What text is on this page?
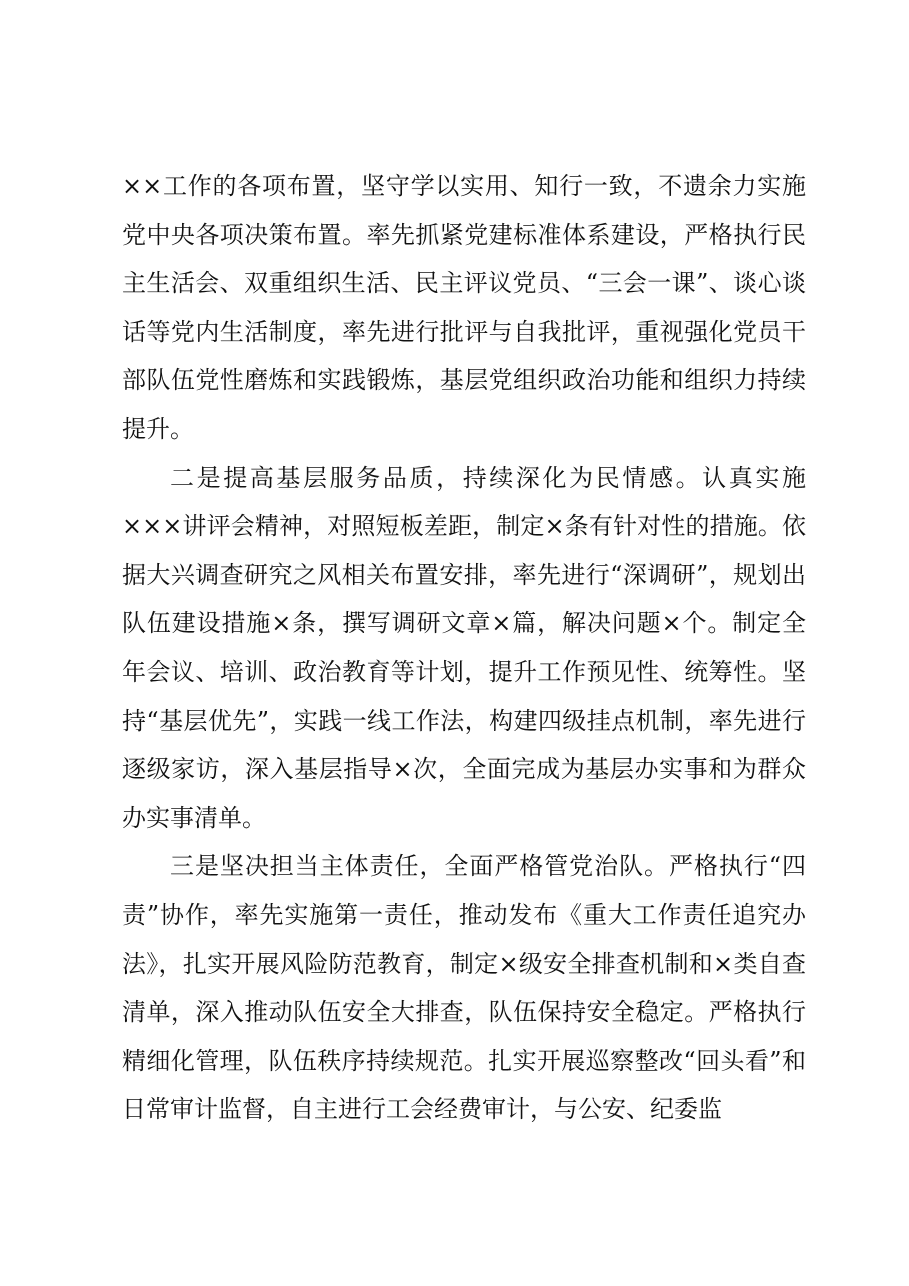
××工作的各项布置，坚守学以实用、知行一致，不遗余力实施党中央各项决策布置。率先抓紧党建标准体系建设，严格执行民主生活会、双重组织生活、民主评议党员、“三会一课”、谈心谈话等党内生活制度，率先进行批评与自我批评，重视强化党员干部队伍党性磨炼和实践锻炼，基层党组织政治功能和组织力持续提升。

二是提高基层服务品质，持续深化为民情感。认真实施×××讲评会精神，对照短板差距，制定×条有针对性的措施。依据大兴调查研究之风相关布置安排，率先进行“深调研”，规划出队伍建设措施×条，撰写调研文章×篇，解决问题×个。制定全年会议、培训、政治教育等计划，提升工作预见性、统筹性。坚持“基层优先”，实践一线工作法，构建四级挂点机制，率先进行逐级家访，深入基层指导×次，全面完成为基层办实事和为群众办实事清单。

三是坚决担当主体责任，全面严格管党治队。严格执行“四责”协作，率先实施第一责任，推动发布《重大工作责任追究办法》，扎实开展风险防范教育，制定×级安全排查机制和×类自查清单，深入推动队伍安全大排查，队伍保持安全稳定。严格执行精细化管理，队伍秩序持续规范。扎实开展巡察整改“回头看”和日常审计监督，自主进行工会经费审计，与公安、纪委监
